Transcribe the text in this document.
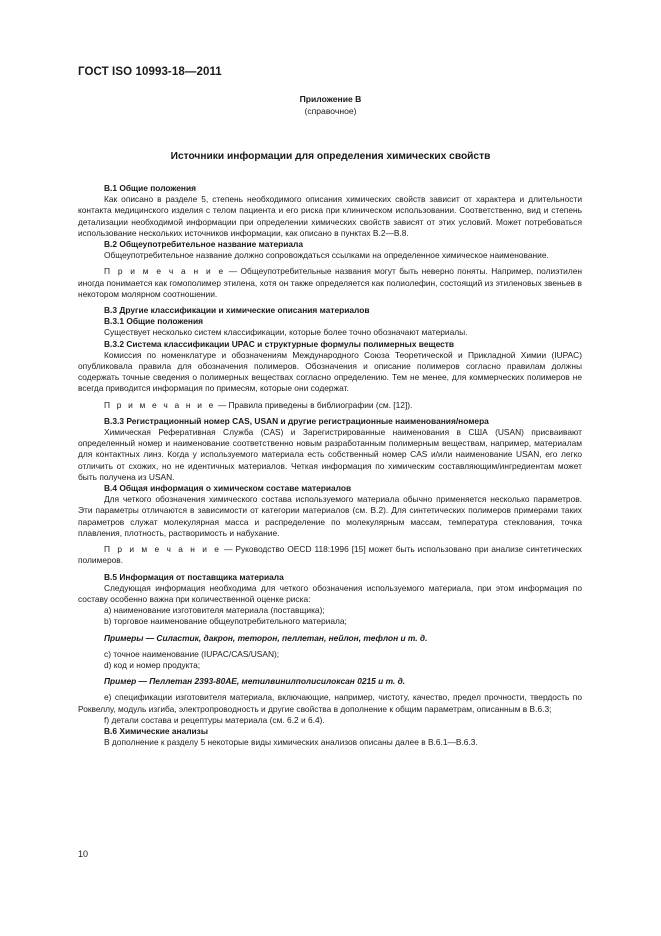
ГОСТ ISO 10993-18—2011
Приложение В
(справочное)
Источники информации для определения химических свойств
В.1 Общие положения

Как описано в разделе 5, степень необходимого описания химических свойств зависит от характера и длительности контакта медицинского изделия с телом пациента и его риска при клиническом использовании. Соответственно, вид и степень детализации необходимой информации при определении химических свойств зависят от этих условий. Может потребоваться использование нескольких источников информации, как описано в пунктах В.2—В.8.

В.2 Общеупотребительное название материала

Общеупотребительное название должно сопровождаться ссылками на определенное химическое наименование.

П р и м е ч а н и е — Общеупотребительные названия могут быть неверно поняты. Например, полиэтилен иногда понимается как гомополимер этилена, хотя он также определяется как полиолефин, состоящий из этиленовых звеньев в некотором молярном соотношении.

В.3 Другие классификации и химические описания материалов
В.3.1 Общие положения

Существует несколько систем классификации, которые более точно обозначают материалы.

В.3.2 Система классификации UPAC и структурные формулы полимерных веществ

Комиссия по номенклатуре и обозначениям Международного Союза Теоретической и Прикладной Химии (IUPAC) опубликовала правила для обозначения полимеров. Обозначения и описание полимеров согласно правилам должны содержать точные сведения о полимерных веществах согласно определению. Тем не менее, для коммерческих полимеров не всегда приводится информация по примесям, которые они содержат.

П р и м е ч а н и е — Правила приведены в библиографии (см. [12]).

В.3.3 Регистрационный номер CAS, USAN и другие регистрационные наименования/номера

Химическая Реферативная Служба (CAS) и Зарегистрированные наименования в США (USAN) присваивают определенный номер и наименование соответственно новым разработанным полимерным веществам, например, материалам для контактных линз. Когда у используемого материала есть собственный номер CAS и/или наименование USAN, его легко отличить от схожих, но не идентичных материалов. Четкая информация по химическим составляющим/ингредиентам может быть получена из USAN.

В.4 Общая информация о химическом составе материалов

Для четкого обозначения химического состава используемого материала обычно применяется несколько параметров. Эти параметры отличаются в зависимости от категории материалов (см. В.2). Для синтетических полимеров примерами таких параметров служат молекулярная масса и распределение по молекулярным массам, температура стеклования, точка плавления, плотность, растворимость и набухание.

П р и м е ч а н и е — Руководство OECD 118:1996 [15] может быть использовано при анализе синтетических полимеров.

В.5 Информация от поставщика материала

Следующая информация необходима для четкого обозначения используемого материала, при этом информация по составу особенно важна при количественной оценке риска:

a) наименование изготовителя материала (поставщика);

b) торговое наименование общеупотребительного материала;

Примеры — Силастик, дакрон, теторон, пеллетан, нейлон, тефлон и т. д.

c) точное наименование (IUPAC/CAS/USAN);

d) код и номер продукта;

Пример — Пеллетан 2393-80АЕ, метилвинилполисилоксан 0215 и т. д.

e) спецификации изготовителя материала, включающие, например, чистоту, качество, предел прочности, твердость по Роквеллу, модуль изгиба, электропроводность и другие свойства в дополнение к общим параметрам, описанным в В.6.3;

f) детали состава и рецептуры материала (см. 6.2 и 6.4).

В.6 Химические анализы

В дополнение к разделу 5 некоторые виды химических анализов описаны далее в В.6.1—В.6.3.

10
